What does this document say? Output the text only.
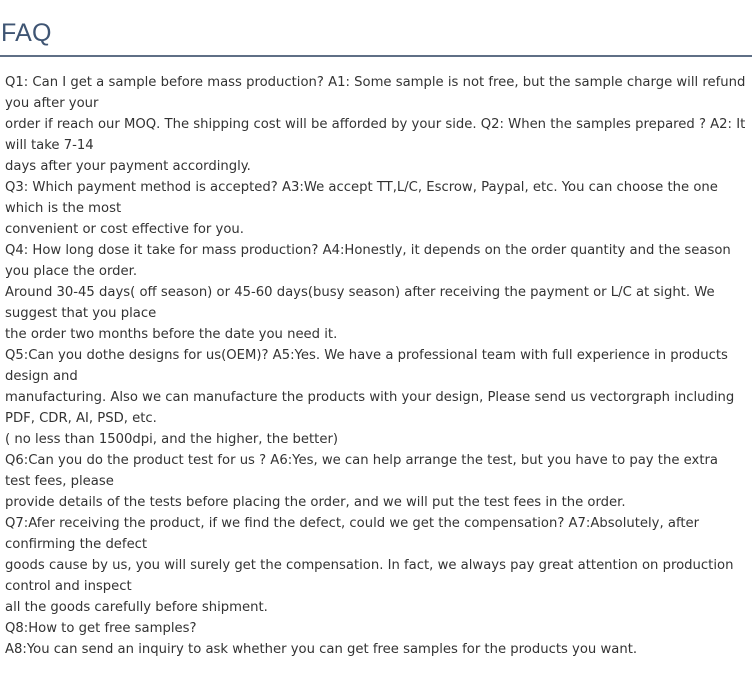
FAQ
Q1: Can I get a sample before mass production? A1: Some sample is not free, but the sample charge will refund
you after your
order if reach our MOQ. The shipping cost will be afforded by your side. Q2: When the samples prepared ? A2: It
will take 7-14
days after your payment accordingly.
Q3: Which payment method is accepted? A3:We accept TT,L/C, Escrow, Paypal, etc. You can choose the one
which is the most
convenient or cost effective for you.
Q4: How long dose it take for mass production? A4:Honestly, it depends on the order quantity and the season
you place the order.
Around 30-45 days( off season) or 45-60 days(busy season) after receiving the payment or L/C at sight. We
suggest that you place
the order two months before the date you need it.
Q5:Can you dothe designs for us(OEM)? A5:Yes. We have a professional team with full experience in products
design and
manufacturing. Also we can manufacture the products with your design, Please send us vectorgraph including
PDF, CDR, AI, PSD, etc.
( no less than 1500dpi, and the higher, the better)
Q6:Can you do the product test for us ? A6:Yes, we can help arrange the test, but you have to pay the extra
test fees, please
provide details of the tests before placing the order, and we will put the test fees in the order.
Q7:Afer receiving the product, if we find the defect, could we get the compensation? A7:Absolutely, after
confirming the defect
goods cause by us, you will surely get the compensation. In fact, we always pay great attention on production
control and inspect
all the goods carefully before shipment.
Q8:How to get free samples?
A8:You can send an inquiry to ask whether you can get free samples for the products you want.
